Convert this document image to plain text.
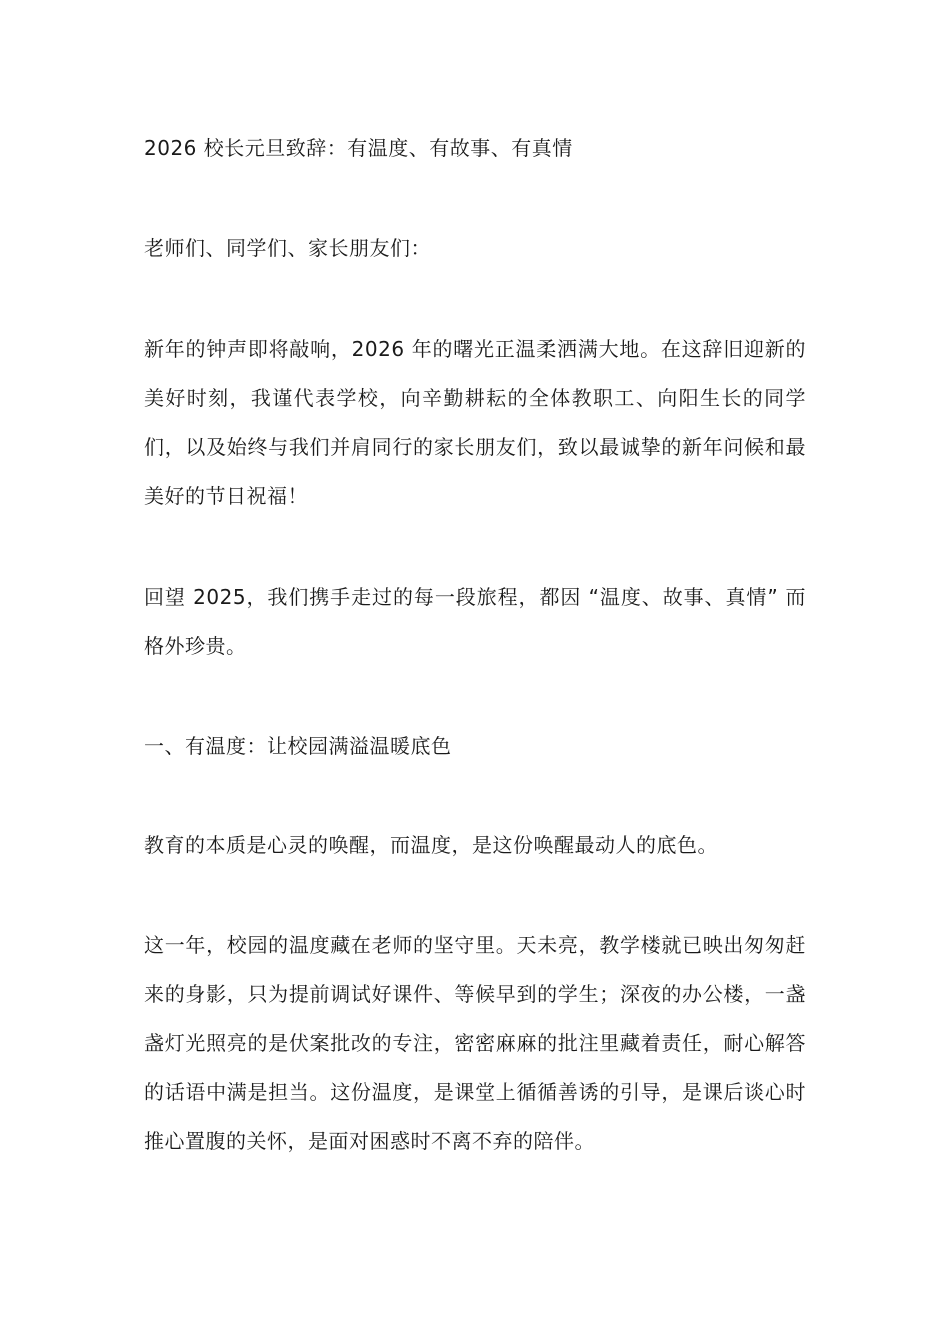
2026 校长元旦致辞：有温度、有故事、有真情

老师们、同学们、家长朋友们：

新年的钟声即将敲响，2026 年的曙光正温柔洒满大地。在这辞旧迎新的美好时刻，我谨代表学校，向辛勤耕耘的全体教职工、向阳生长的同学们，以及始终与我们并肩同行的家长朋友们，致以最诚挚的新年问候和最美好的节日祝福！

回望 2025，我们携手走过的每一段旅程，都因 “温度、故事、真情” 而格外珍贵。

一、有温度：让校园满溢温暖底色

教育的本质是心灵的唤醒，而温度，是这份唤醒最动人的底色。

这一年，校园的温度藏在老师的坚守里。天未亮，教学楼就已映出匆匆赶来的身影，只为提前调试好课件、等候早到的学生；深夜的办公楼，一盏盏灯光照亮的是伏案批改的专注，密密麻麻的批注里藏着责任，耐心解答的话语中满是担当。这份温度，是课堂上循循善诱的引导，是课后谈心时推心置腹的关怀，是面对困惑时不离不弃的陪伴。
